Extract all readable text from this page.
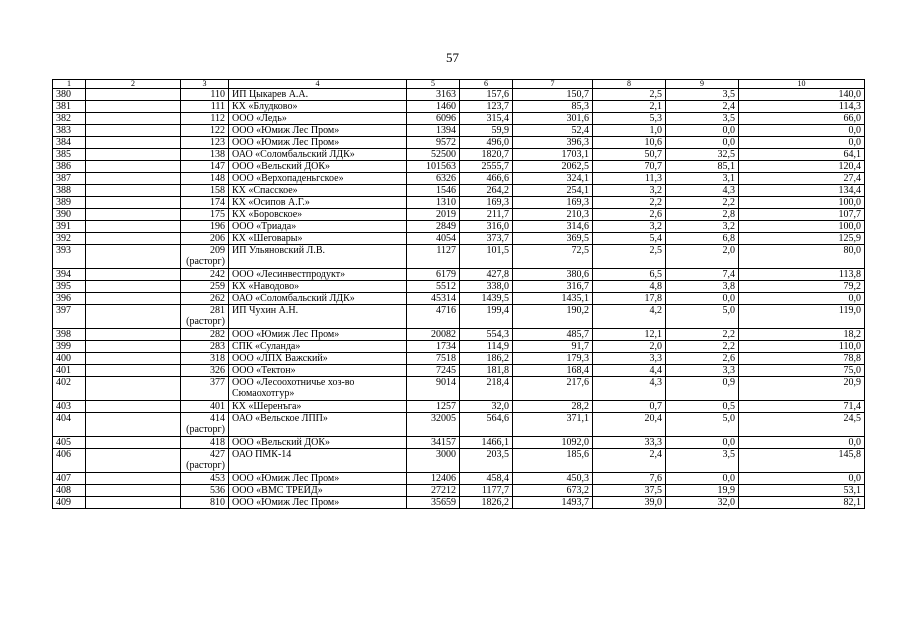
57
1	2	3	4	5	6	7	8	9	10
380		110	ИП Цыкарев А.А.	3163	157,6	150,7	2,5	3,5	140,0
381		111	КХ «Блудково»	1460	123,7	85,3	2,1	2,4	114,3
382		112	ООО «Ледь»	6096	315,4	301,6	5,3	3,5	66,0
383		122	ООО «Юмиж Лес Пром»	1394	59,9	52,4	1,0	0,0	0,0
384		123	ООО «Юмиж Лес Пром»	9572	496,0	396,3	10,6	0,0	0,0
385		138	ОАО «Соломбальский ЛДК»	52500	1820,7	1703,1	50,7	32,5	64,1
386		147	ООО «Вельский ДОК»	101563	2555,7	2062,5	70,7	85,1	120,4
387		148	ООО «Верхопаденьгское»	6326	466,6	324,1	11,3	3,1	27,4
388		158	КХ «Спасское»	1546	264,2	254,1	3,2	4,3	134,4
389		174	КХ «Осипов А.Г.»	1310	169,3	169,3	2,2	2,2	100,0
390		175	КХ «Боровское»	2019	211,7	210,3	2,6	2,8	107,7
391		196	ООО «Триада»	2849	316,0	314,6	3,2	3,2	100,0
392		206	КХ «Шеговары»	4054	373,7	369,5	5,4	6,8	125,9
393		209 (расторг)	ИП Ульяновский Л.В.	1127	101,5	72,5	2,5	2,0	80,0
394		242	ООО «Лесинвестпродукт»	6179	427,8	380,6	6,5	7,4	113,8
395		259	КХ «Наводово»	5512	338,0	316,7	4,8	3,8	79,2
396		262	ОАО «Соломбальский ЛДК»	45314	1439,5	1435,1	17,8	0,0	0,0
397		281 (расторг)	ИП Чухин А.Н.	4716	199,4	190,2	4,2	5,0	119,0
398		282	ООО «Юмиж Лес Пром»	20082	554,3	485,7	12,1	2,2	18,2
399		283	СПК «Суланда»	1734	114,9	91,7	2,0	2,2	110,0
400		318	ООО «ЛПХ Важский»	7518	186,2	179,3	3,3	2,6	78,8
401		326	ООО «Тектон»	7245	181,8	168,4	4,4	3,3	75,0
402		377	ООО «Лесоохотничье хоз-во Сюмаохотгур»	9014	218,4	217,6	4,3	0,9	20,9
403		401	КХ «Шеренъга»	1257	32,0	28,2	0,7	0,5	71,4
404		414 (расторг)	ОАО «Вельское ЛПП»	32005	564,6	371,1	20,4	5,0	24,5
405		418	ООО «Вельский ДОК»	34157	1466,1	1092,0	33,3	0,0	0,0
406		427 (расторг)	ОАО ПМК-14	3000	203,5	185,6	2,4	3,5	145,8
407		453	ООО «Юмиж Лес Пром»	12406	458,4	450,3	7,6	0,0	0,0
408		536	ООО «ВМС ТРЕЙД»	27212	1177,7	673,2	37,5	19,9	53,1
409		810	ООО «Юмиж Лес Пром»	35659	1826,2	1493,7	39,0	32,0	82,1
